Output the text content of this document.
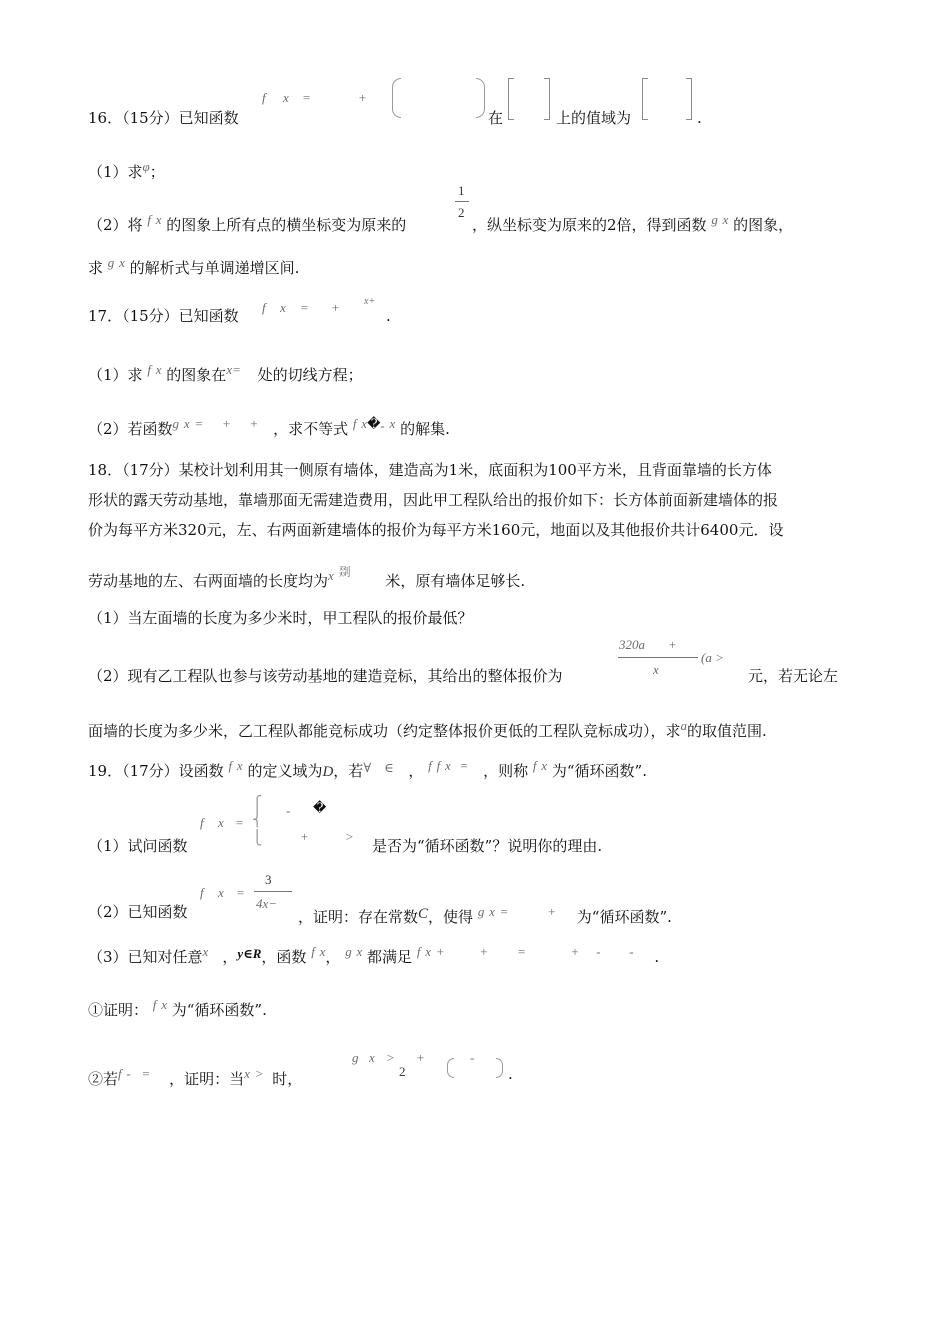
16．（15分）已知函数
f x =	+
在	上的值域为	.
（1）求φ；
（2）将 f x 的图象上所有点的横坐标变为原来的
1
2
，纵坐标变为原来的2倍，得到函数 g x 的图象，
求 g x 的解析式与单调递增区间.
17．（15分）已知函数 f x = + x+
.
（1）求 f x 的图象在x= 处的切线方程；
（2）若函数g x = + + ，求不等式 f x�- x 的解集.
18．（17分）某校计划利用其一侧原有墙体，建造高为1米，底面积为100平方米，且背面靠墙的长方体
形状的露天劳动基地，靠墙那面无需建造费用，因此甲工程队给出的报价如下：长方体前面新建墙体的报
价为每平方米320元，左、右两面新建墙体的报价为每平方米160元，地面以及其他报价共计6400元．设
劳动基地的左、右两面墙的长度均为x $^剟$ 米，原有墙体足够长.
（1）当左面墙的长度为多少米时，甲工程队的报价最低？
（2）现有乙工程队也参与该劳动基地的建造竞标，其给出的整体报价为
320a +
x
(a >
元，若无论左
面墙的长度为多少米，乙工程队都能竞标成功（约定整体报价更低的工程队竞标成功），求a的取值范围.
19．（17分）设函数 f x 的定义域为D，若∀ ∈ ， f f x = ，则称 f x 为“循环函数”.
（1）试问函数
f x =
⎧
⎨
⎩
- �
+	>
是否为“循环函数”？说明你的理由.
（2）已知函数
f x =
3
4x−
，证明：存在常数C，使得 g x =	+ 为“循环函数”.
（3）已知对任意x ，y∈R，函数 f x， g x 都满足 f x +	+ =	+ - - .
①证明： f x 为“循环函数”.
②若f - = ，证明：当x > 时，
g x >
2
+	-
.
